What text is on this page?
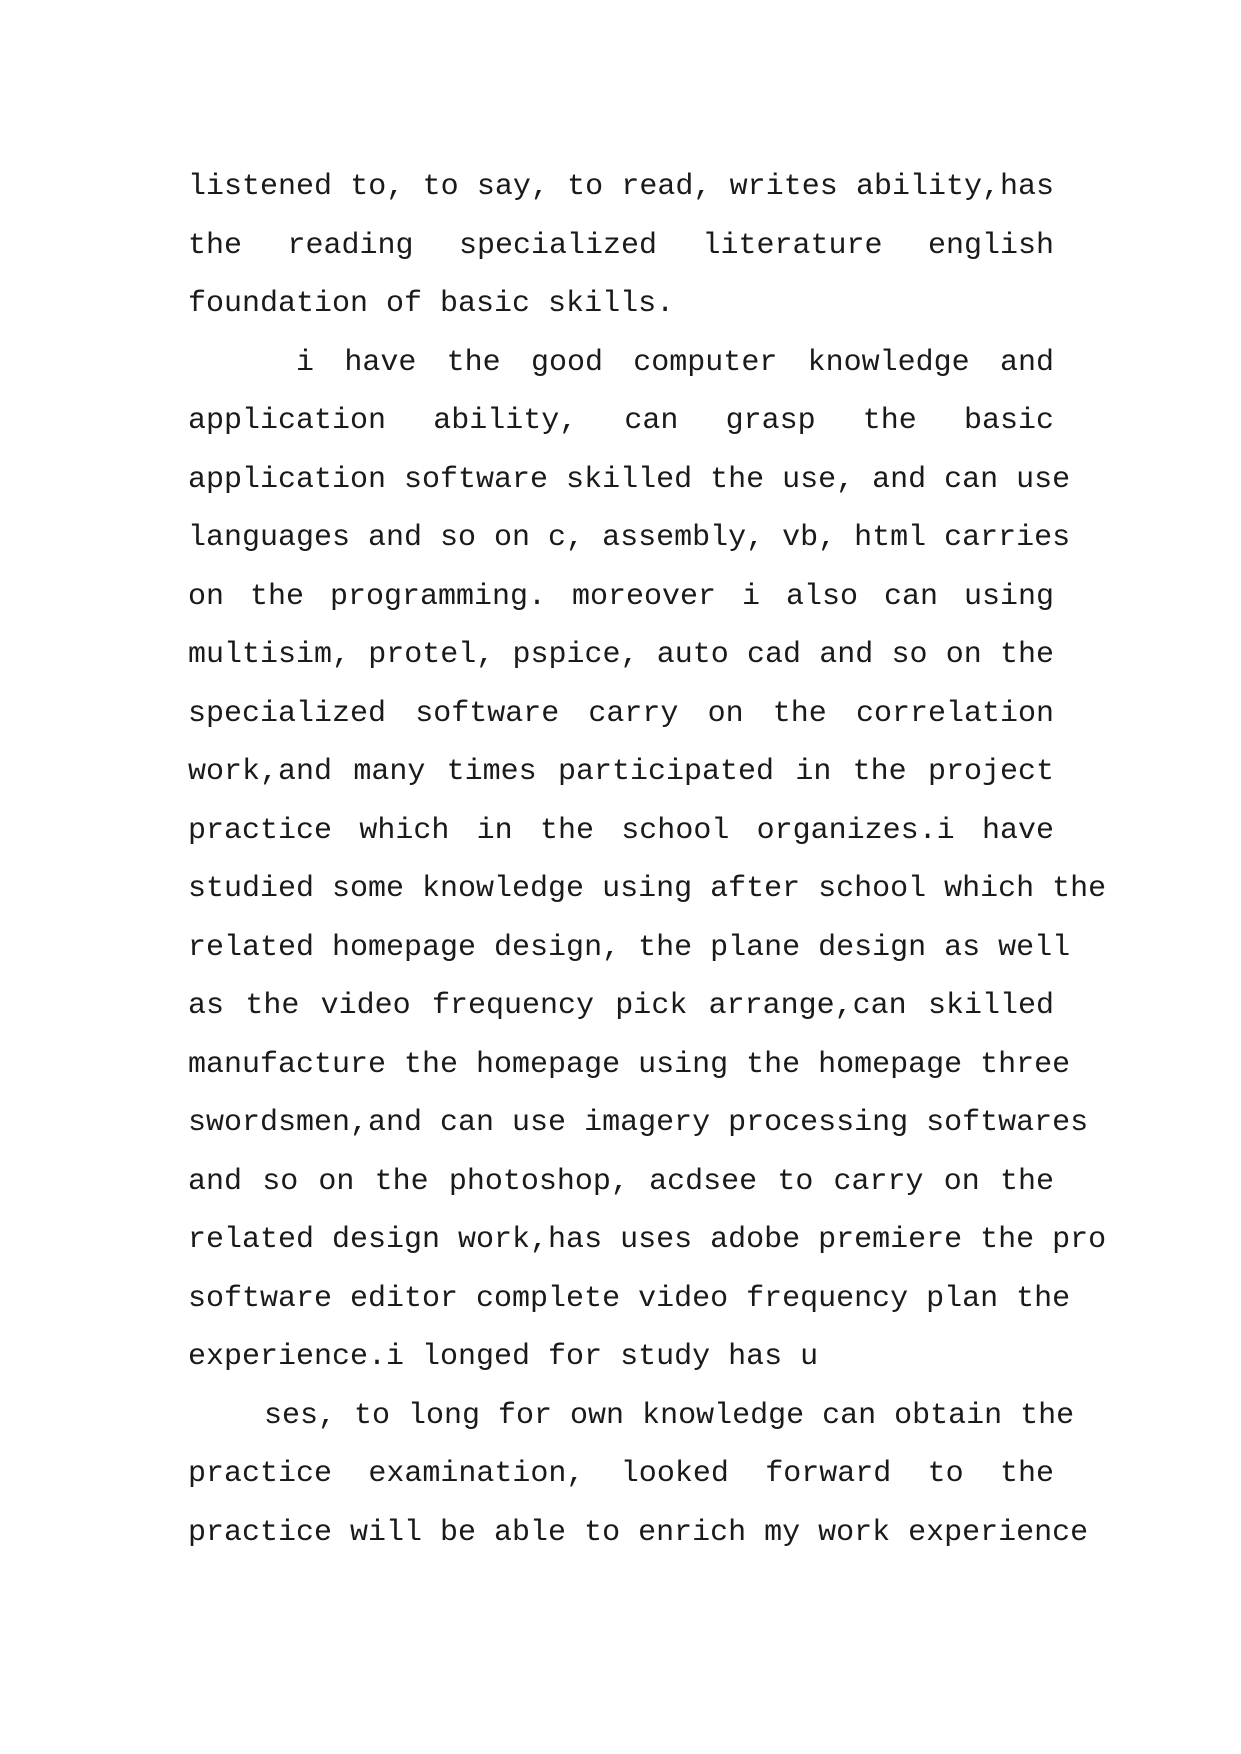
listened to, to say, to read, writes ability,has
the reading specialized literature english
foundation of basic skills.
i have the good computer knowledge and
application ability, can grasp the basic
application software skilled the use, and can use
languages and so on c, assembly, vb, html carries
on the programming. moreover i also can using
multisim, protel, pspice, auto cad and so on the
specialized software carry on the correlation
work,and many times participated in the project
practice which in the school organizes.i have
studied some knowledge using after school which the
related homepage design, the plane design as well
as the video frequency pick arrange,can skilled
manufacture the homepage using the homepage three
swordsmen,and can use imagery processing softwares
and so on the photoshop, acdsee to carry on the
related design work,has uses adobe premiere the pro
software editor complete video frequency plan the
experience.i longed for study has u
ses, to long for own knowledge can obtain the
practice examination, looked forward to the
practice will be able to enrich my work experience
